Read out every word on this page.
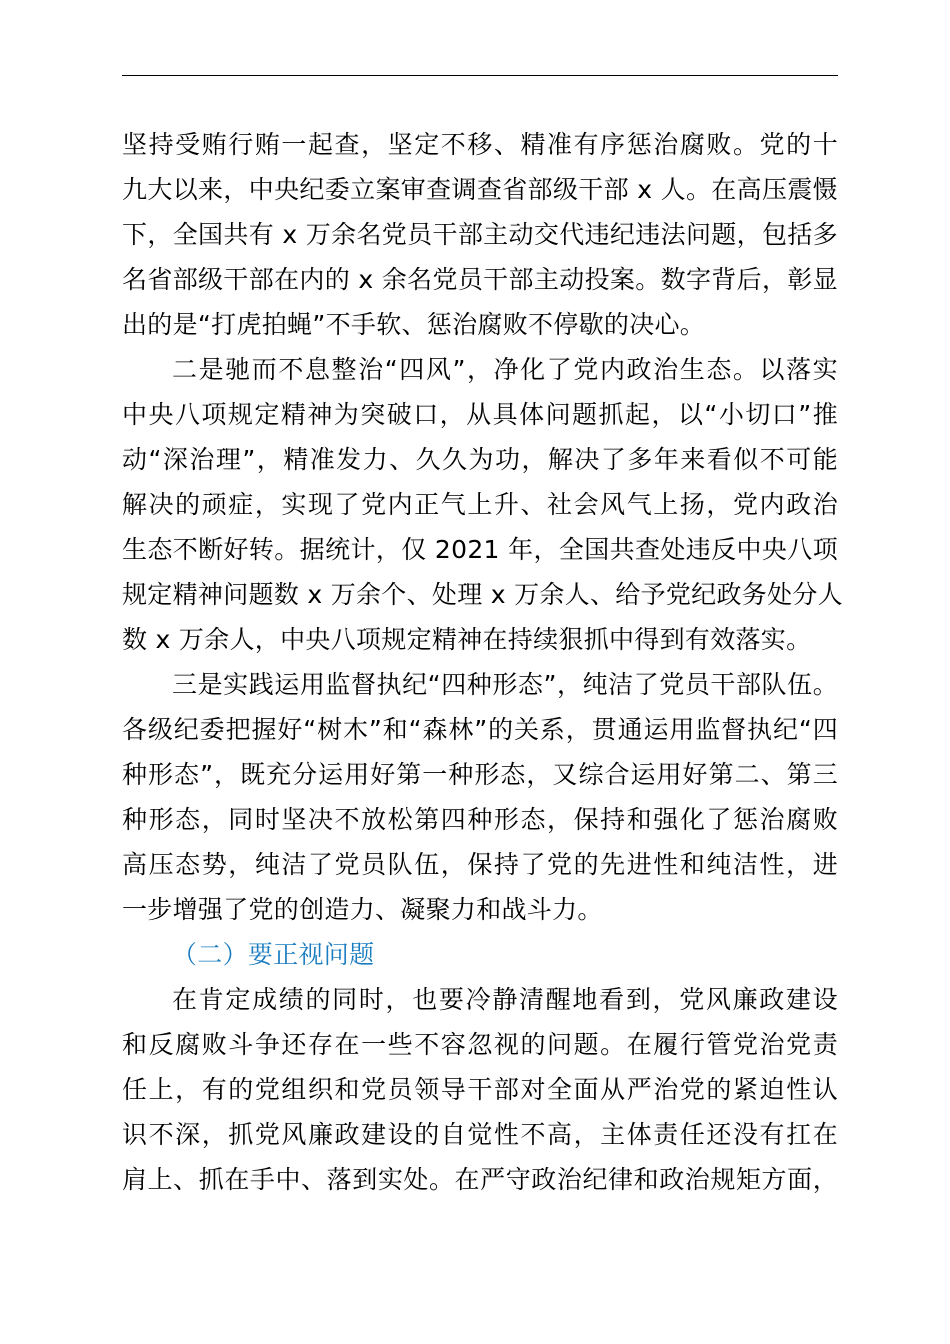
坚持受贿行贿一起查，坚定不移、精准有序惩治腐败。党的十
九大以来，中央纪委立案审查调查省部级干部 x 人。在高压震慑
下，全国共有 x 万余名党员干部主动交代违纪违法问题，包括多
名省部级干部在内的 x 余名党员干部主动投案。数字背后，彰显
出的是“打虎拍蝇”不手软、惩治腐败不停歇的决心。
二是驰而不息整治“四风”，净化了党内政治生态。以落实
中央八项规定精神为突破口，从具体问题抓起，以“小切口”推
动“深治理”，精准发力、久久为功，解决了多年来看似不可能
解决的顽症，实现了党内正气上升、社会风气上扬，党内政治
生态不断好转。据统计，仅 2021 年，全国共查处违反中央八项
规定精神问题数 x 万余个、处理 x 万余人、给予党纪政务处分人
数 x 万余人，中央八项规定精神在持续狠抓中得到有效落实。
三是实践运用监督执纪“四种形态”，纯洁了党员干部队伍。
各级纪委把握好“树木”和“森林”的关系，贯通运用监督执纪“四
种形态”，既充分运用好第一种形态，又综合运用好第二、第三
种形态，同时坚决不放松第四种形态，保持和强化了惩治腐败
高压态势，纯洁了党员队伍，保持了党的先进性和纯洁性，进
一步增强了党的创造力、凝聚力和战斗力。
（二）要正视问题
在肯定成绩的同时，也要冷静清醒地看到，党风廉政建设
和反腐败斗争还存在一些不容忽视的问题。在履行管党治党责
任上，有的党组织和党员领导干部对全面从严治党的紧迫性认
识不深，抓党风廉政建设的自觉性不高，主体责任还没有扛在
肩上、抓在手中、落到实处。在严守政治纪律和政治规矩方面，
